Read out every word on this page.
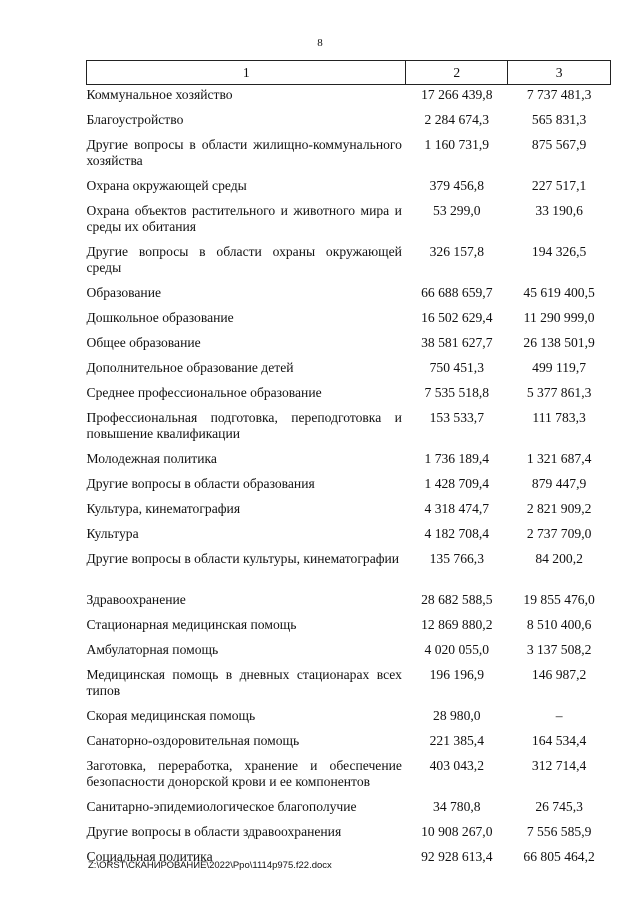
8
1	2	3
Коммунальное хозяйство	17 266 439,8	7 737 481,3
Благоустройство	2 284 674,3	565 831,3
Другие вопросы в области жилищно-коммунального хозяйства	1 160 731,9	875 567,9
Охрана окружающей среды	379 456,8	227 517,1
Охрана объектов растительного и животного мира и среды их обитания	53 299,0	33 190,6
Другие вопросы в области охраны окружающей среды	326 157,8	194 326,5
Образование	66 688 659,7	45 619 400,5
Дошкольное образование	16 502 629,4	11 290 999,0
Общее образование	38 581 627,7	26 138 501,9
Дополнительное образование детей	750 451,3	499 119,7
Среднее профессиональное образование	7 535 518,8	5 377 861,3
Профессиональная подготовка, переподготовка и повышение квалификации	153 533,7	111 783,3
Молодежная политика	1 736 189,4	1 321 687,4
Другие вопросы в области образования	1 428 709,4	879 447,9
Культура, кинематография	4 318 474,7	2 821 909,2
Культура	4 182 708,4	2 737 709,0
Другие вопросы в области культуры, кинематографии	135 766,3	84 200,2
Здравоохранение	28 682 588,5	19 855 476,0
Стационарная медицинская помощь	12 869 880,2	8 510 400,6
Амбулаторная помощь	4 020 055,0	3 137 508,2
Медицинская помощь в дневных стационарах всех типов	196 196,9	146 987,2
Скорая медицинская помощь	28 980,0	–
Санаторно-оздоровительная помощь	221 385,4	164 534,4
Заготовка, переработка, хранение и обеспечение безопасности донорской крови и ее компонентов	403 043,2	312 714,4
Санитарно-эпидемиологическое благополучие	34 780,8	26 745,3
Другие вопросы в области здравоохранения	10 908 267,0	7 556 585,9
Социальная политика	92 928 613,4	66 805 464,2
Z:\ORST\СКАНИРОВАНИЕ\2022\Ppo\1114p975.f22.docx
